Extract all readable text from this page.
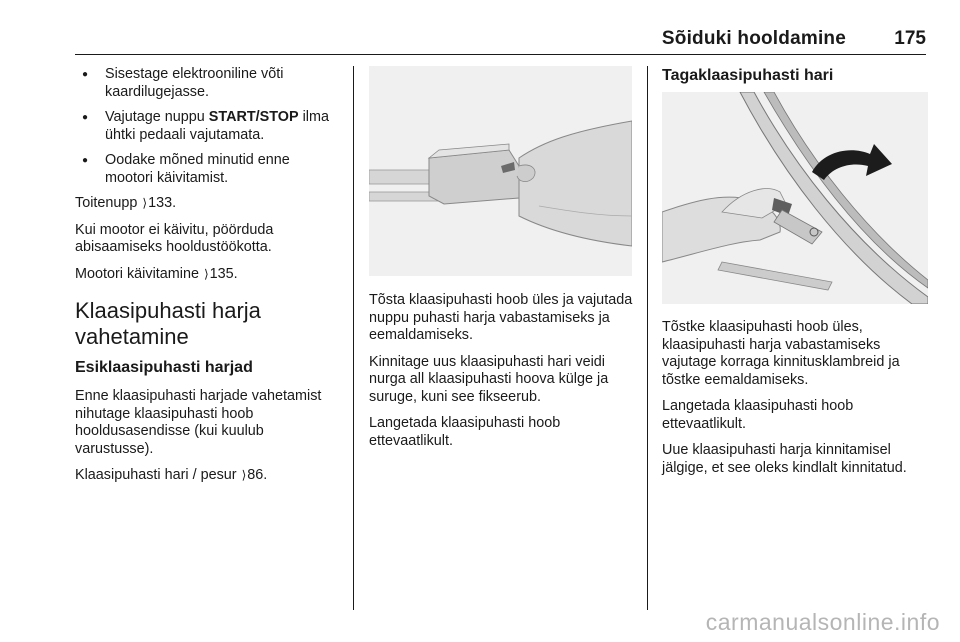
Sõiduki hooldamine	175
● Sisestage elektrooniline võti kaardilugejasse.
● Vajutage nuppu START/STOP ilma ühtki pedaali vajutamata.
● Oodake mõned minutid enne mootori käivitamist.

Toitenupp ⟩133.

Kui mootor ei käivitu, pöörduda abisaamiseks hooldustöökotta.

Mootori käivitamine ⟩135.

Klaasipuhasti harja vahetamine
Esiklaasipuhasti harjad

Enne klaasipuhasti harjade vahetamist nihutage klaasipuhasti hoob hooldusasendisse (kui kuulub varustusse).

Klaasipuhasti hari / pesur ⟩86.

Tõsta klaasipuhasti hoob üles ja vajutada nuppu puhasti harja vabastamiseks ja eemaldamiseks.

Kinnitage uus klaasipuhasti hari veidi nurga all klaasipuhasti hoova külge ja suruge, kuni see fikseerub.

Langetada klaasipuhasti hoob ettevaatlikult.

Tagaklaasipuhasti hari

Tõstke klaasipuhasti hoob üles, klaasipuhasti harja vabastamiseks vajutage korraga kinnitusklambreid ja tõstke eemaldamiseks.

Langetada klaasipuhasti hoob ettevaatlikult.

Uue klaasipuhasti harja kinnitamisel jälgige, et see oleks kindlalt kinnitatud.

carmanualsonline.info
